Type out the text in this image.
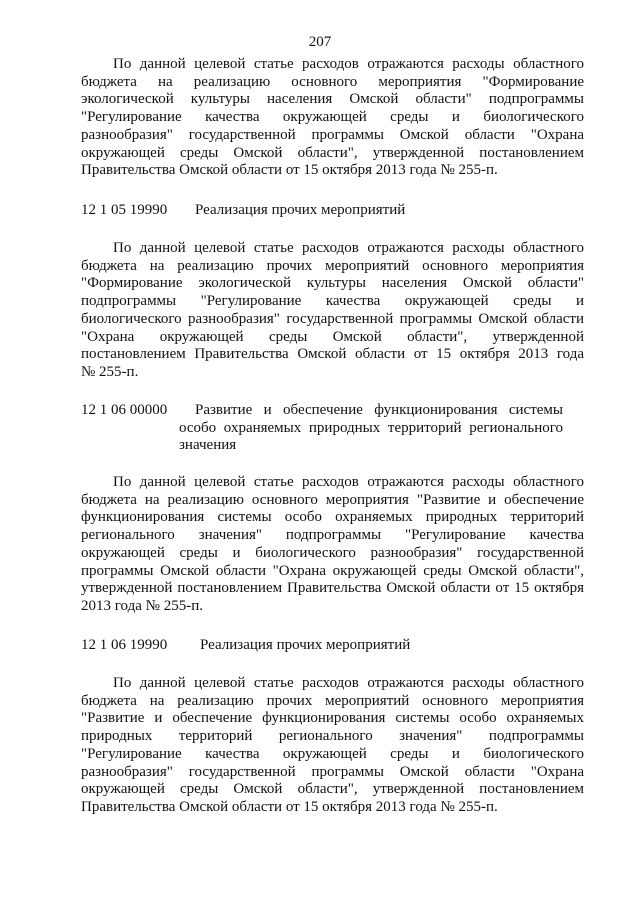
207
По данной целевой статье расходов отражаются расходы областного
бюджета на реализацию основного мероприятия "Формирование
экологической культуры населения Омской области" подпрограммы
"Регулирование качества окружающей среды и биологического
разнообразия" государственной программы Омской области "Охрана
окружающей среды Омской области", утвержденной постановлением
Правительства Омской области от 15 октября 2013 года № 255-п.
12 1 05 19990 Реализация прочих мероприятий
По данной целевой статье расходов отражаются расходы областного
бюджета на реализацию прочих мероприятий основного мероприятия
"Формирование экологической культуры населения Омской области"
подпрограммы "Регулирование качества окружающей среды и
биологического разнообразия" государственной программы Омской области
"Охрана окружающей среды Омской области", утвержденной
постановлением Правительства Омской области от 15 октября 2013 года
№ 255-п.
12 1 06 00000 Развитие и обеспечение функционирования системы
особо охраняемых природных территорий регионального
значения
По данной целевой статье расходов отражаются расходы областного
бюджета на реализацию основного мероприятия "Развитие и обеспечение
функционирования системы особо охраняемых природных территорий
регионального значения" подпрограммы "Регулирование качества
окружающей среды и биологического разнообразия" государственной
программы Омской области "Охрана окружающей среды Омской области",
утвержденной постановлением Правительства Омской области от 15 октября
2013 года № 255-п.
12 1 06 19990 Реализация прочих мероприятий
По данной целевой статье расходов отражаются расходы областного
бюджета на реализацию прочих мероприятий основного мероприятия
"Развитие и обеспечение функционирования системы особо охраняемых
природных территорий регионального значения" подпрограммы
"Регулирование качества окружающей среды и биологического
разнообразия" государственной программы Омской области "Охрана
окружающей среды Омской области", утвержденной постановлением
Правительства Омской области от 15 октября 2013 года № 255-п.
